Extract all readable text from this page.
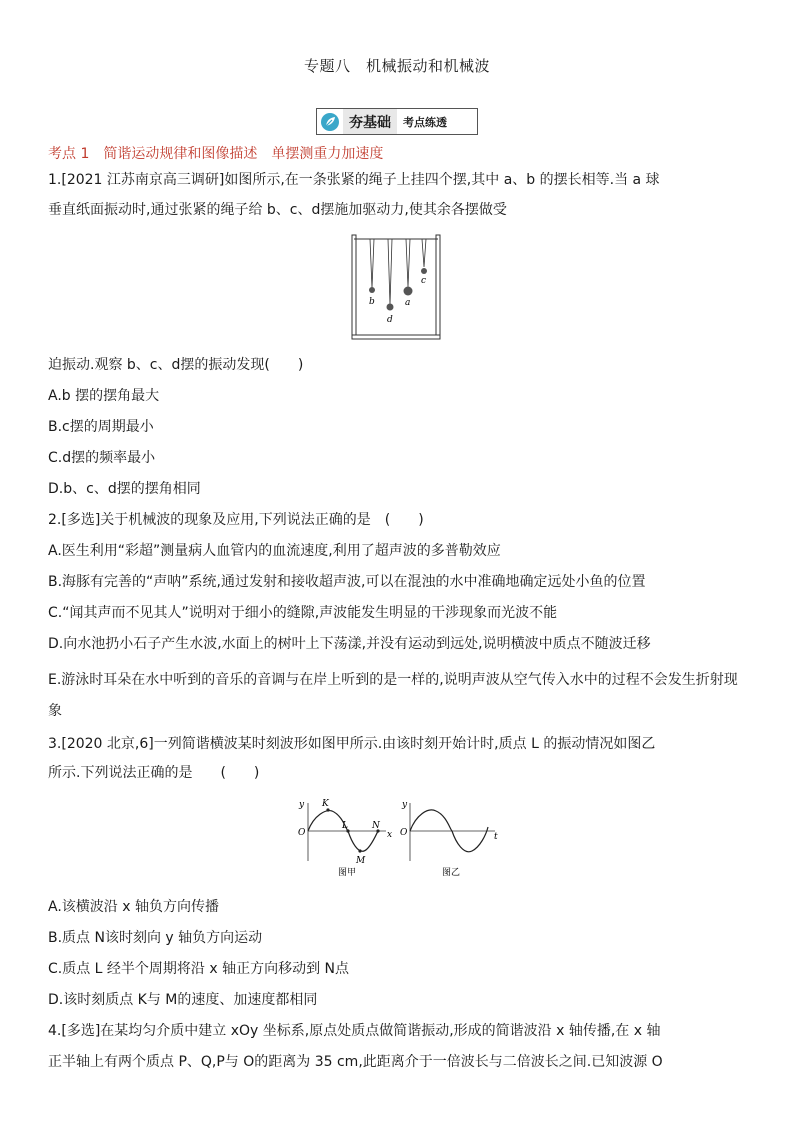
专题八　机械振动和机械波
夯基础	考点练透
考点 1　简谐运动规律和图像描述　单摆测重力加速度
1.[2021 江苏南京高三调研]如图所示,在一条张紧的绳子上挂四个摆,其中 a、b 的摆长相等.当 a 球
垂直纸面振动时,通过张紧的绳子给 b、c、d摆施加驱动力,使其余各摆做受
b
d
a
c
迫振动.观察 b、c、d摆的振动发现(　　)
A.b 摆的摆角最大
B.c摆的周期最小
C.d摆的频率最小
D.b、c、d摆的摆角相同
2.[多选]关于机械波的现象及应用,下列说法正确的是　(　　)
A.医生利用“彩超”测量病人血管内的血流速度,利用了超声波的多普勒效应
B.海豚有完善的“声呐”系统,通过发射和接收超声波,可以在混浊的水中准确地确定远处小鱼的位置
C.“闻其声而不见其人”说明对于细小的缝隙,声波能发生明显的干涉现象而光波不能
D.向水池扔小石子产生水波,水面上的树叶上下荡漾,并没有运动到远处,说明横波中质点不随波迁移
E.游泳时耳朵在水中听到的音乐的音调与在岸上听到的是一样的,说明声波从空气传入水中的过程不会发生折射现象
3.[2020 北京,6]一列简谐横波某时刻波形如图甲所示.由该时刻开始计时,质点 L 的振动情况如图乙
所示.下列说法正确的是　　(　　)
y
O	x
K
L
M
N
图甲
y
O	t
图乙
A.该横波沿 x 轴负方向传播
B.质点 N该时刻向 y 轴负方向运动
C.质点 L 经半个周期将沿 x 轴正方向移动到 N点
D.该时刻质点 K与 M的速度、加速度都相同
4.[多选]在某均匀介质中建立 xOy 坐标系,原点处质点做简谐振动,形成的简谐波沿 x 轴传播,在 x 轴
正半轴上有两个质点 P、Q,P与 O的距离为 35 cm,此距离介于一倍波长与二倍波长之间.已知波源 O
